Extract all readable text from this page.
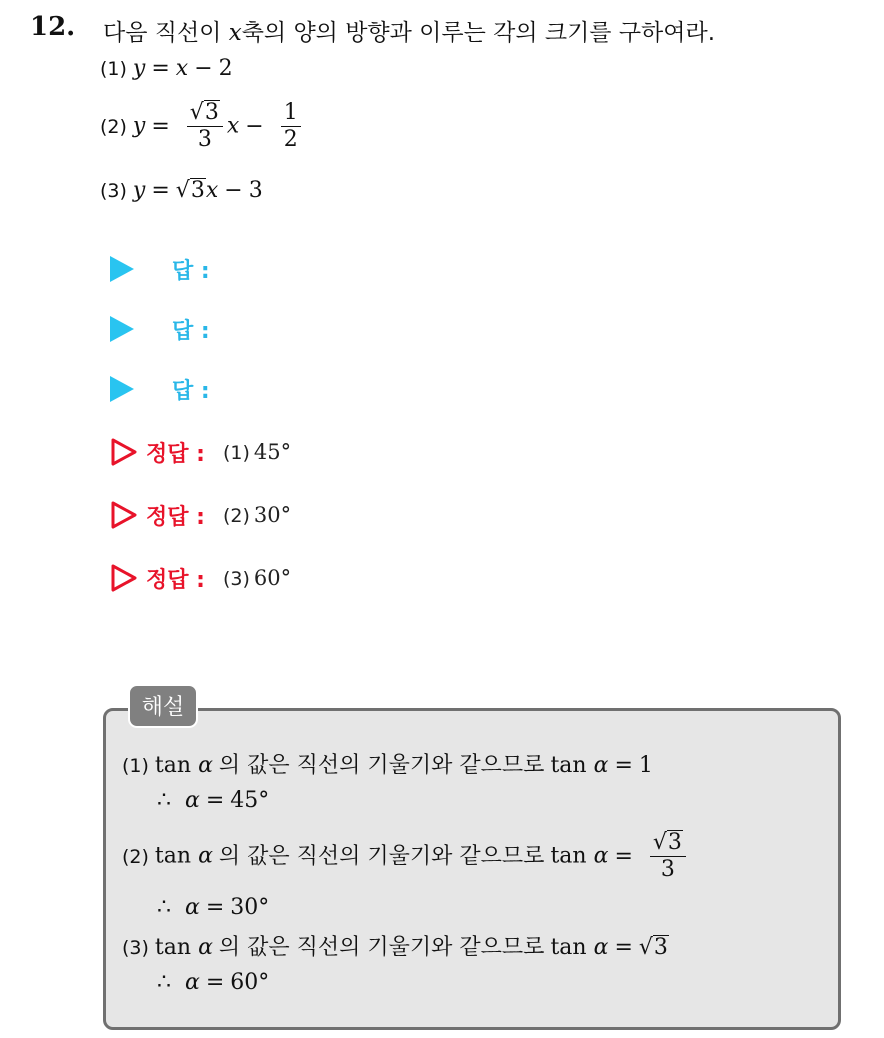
12. 다음 직선이 x축의 양의 방향과 이루는 각의 크기를 구하여라.
(1) y = x − 2
(2) $y = \frac{√ 3}{3}$ $x - \frac{1}{2}$
(3) y = √ 3 x − 3
답 :
답 :
답 :
정답 : (1) 45°
정답 : (2) 30°
정답 : (3) 60°
해설
(1) tan α 의 값은 직선의 기울기와 같으므로 tan α = 1
∴ α = 45°
(2) tan α 의 값은 직선의 기울기와 같으므로 $\tan \alpha = \frac{√ 3}{3}$
∴ α = 30°
(3) tan α 의 값은 직선의 기울기와 같으므로 tan α = √ 3
∴ α = 60°
